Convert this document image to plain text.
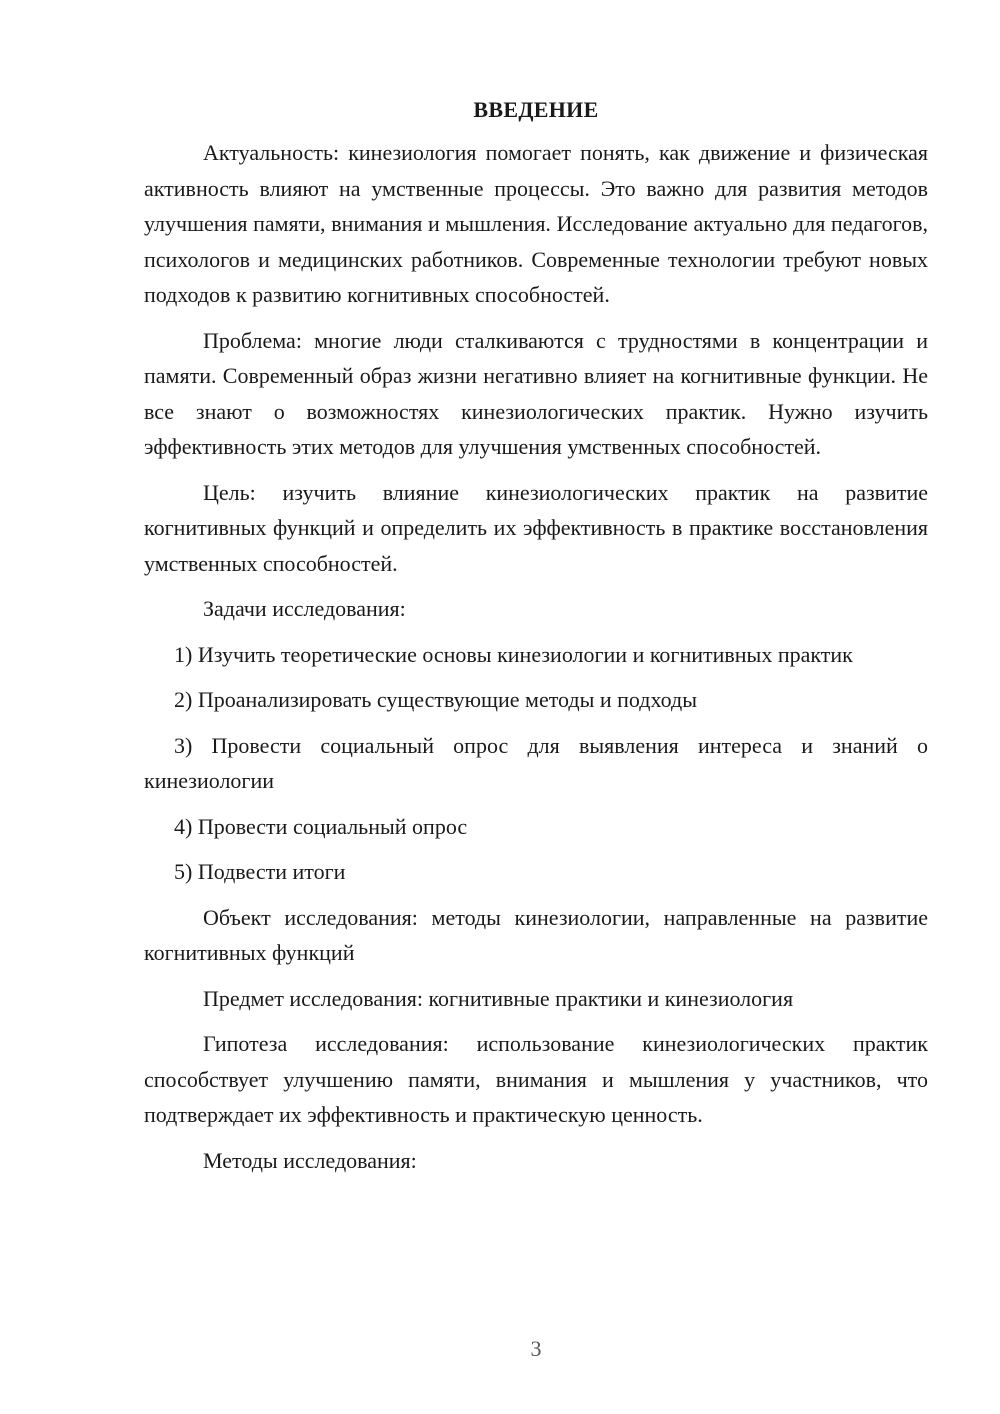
ВВЕДЕНИЕ

Актуальность: кинезиология помогает понять, как движение и физическая активность влияют на умственные процессы. Это важно для развития методов улучшения памяти, внимания и мышления. Исследование актуально для педагогов, психологов и медицинских работников. Современные технологии требуют новых подходов к развитию когнитивных способностей.

Проблема: многие люди сталкиваются с трудностями в концентрации и памяти. Современный образ жизни негативно влияет на когнитивные функции. Не все знают о возможностях кинезиологических практик. Нужно изучить эффективность этих методов для улучшения умственных способностей.

Цель: изучить влияние кинезиологических практик на развитие когнитивных функций и определить их эффективность в практике восстановления умственных способностей.

Задачи исследования:

1) Изучить теоретические основы кинезиологии и когнитивных практик

2) Проанализировать существующие методы и подходы

3) Провести социальный опрос для выявления интереса и знаний о кинезиологии

4) Провести социальный опрос

5) Подвести итоги

Объект исследования: методы кинезиологии, направленные на развитие когнитивных функций

Предмет исследования: когнитивные практики и кинезиология

Гипотеза исследования: использование кинезиологических практик способствует улучшению памяти, внимания и мышления у участников, что подтверждает их эффективность и практическую ценность.

Методы исследования:

3
